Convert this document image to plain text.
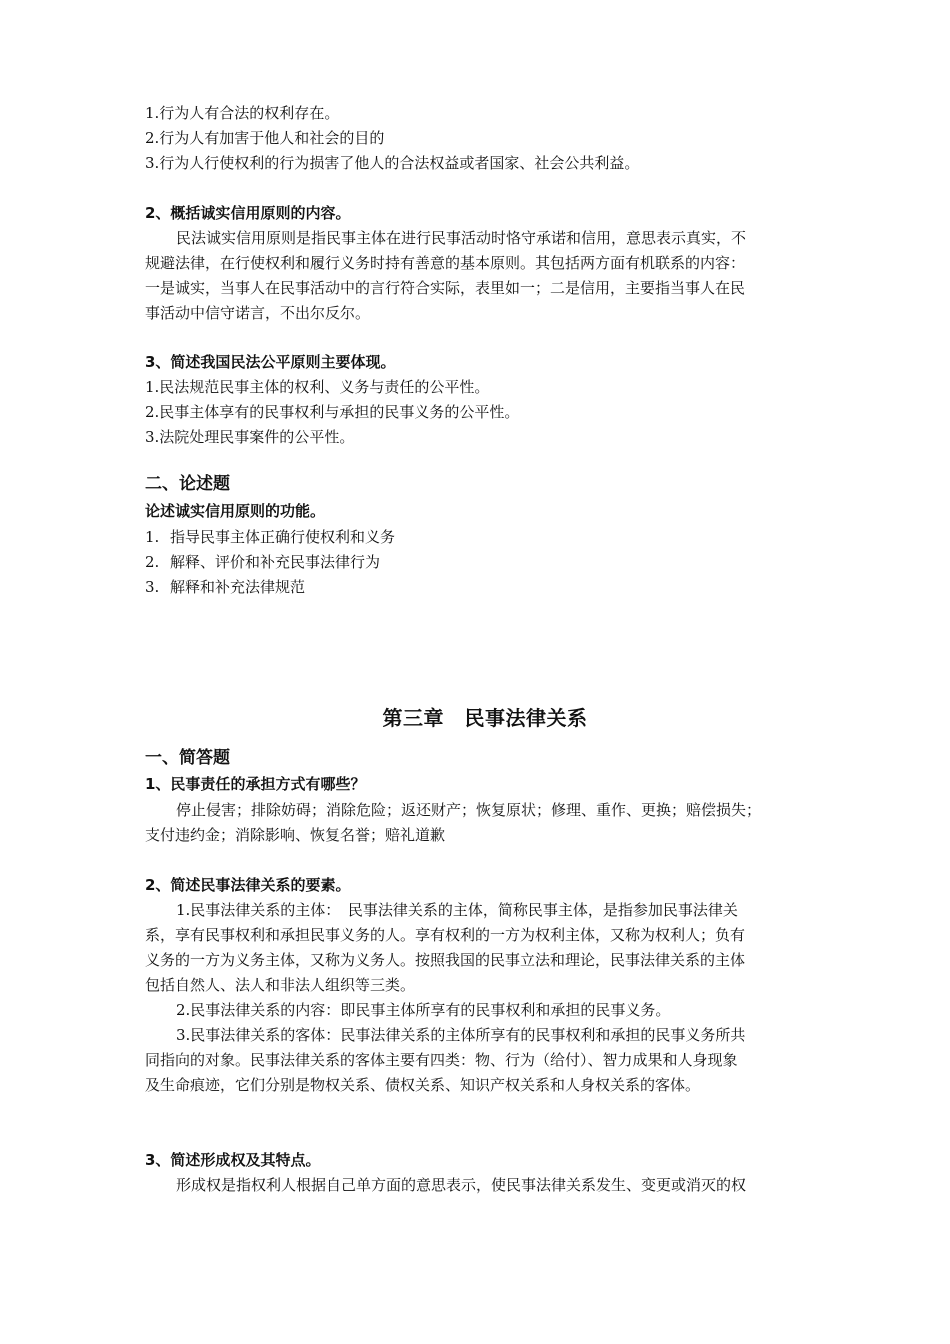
1.行为人有合法的权利存在。
2.行为人有加害于他人和社会的目的
3.行为人行使权利的行为损害了他人的合法权益或者国家、社会公共利益。
2、概括诚实信用原则的内容。
民法诚实信用原则是指民事主体在进行民事活动时恪守承诺和信用，意思表示真实，不
规避法律，在行使权利和履行义务时持有善意的基本原则。其包括两方面有机联系的内容：
一是诚实，当事人在民事活动中的言行符合实际，表里如一；二是信用，主要指当事人在民
事活动中信守诺言，不出尔反尔。
3、简述我国民法公平原则主要体现。
1.民法规范民事主体的权利、义务与责任的公平性。
2.民事主体享有的民事权利与承担的民事义务的公平性。
3.法院处理民事案件的公平性。
二、论述题
论述诚实信用原则的功能。
1. 指导民事主体正确行使权利和义务
2. 解释、评价和补充民事法律行为
3. 解释和补充法律规范
第三章　民事法律关系
一、简答题
1、民事责任的承担方式有哪些？
停止侵害；排除妨碍；消除危险；返还财产；恢复原状；修理、重作、更换；赔偿损失；
支付违约金；消除影响、恢复名誉；赔礼道歉
2、简述民事法律关系的要素。
1.民事法律关系的主体：　民事法律关系的主体，简称民事主体，是指参加民事法律关
系，享有民事权利和承担民事义务的人。享有权利的一方为权利主体，又称为权利人；负有
义务的一方为义务主体，又称为义务人。按照我国的民事立法和理论，民事法律关系的主体
包括自然人、法人和非法人组织等三类。
2.民事法律关系的内容：即民事主体所享有的民事权利和承担的民事义务。
3.民事法律关系的客体：民事法律关系的主体所享有的民事权利和承担的民事义务所共
同指向的对象。民事法律关系的客体主要有四类：物、行为（给付）、智力成果和人身现象
及生命痕迹，它们分别是物权关系、债权关系、知识产权关系和人身权关系的客体。
3、简述形成权及其特点。
形成权是指权利人根据自己单方面的意思表示，使民事法律关系发生、变更或消灭的权
